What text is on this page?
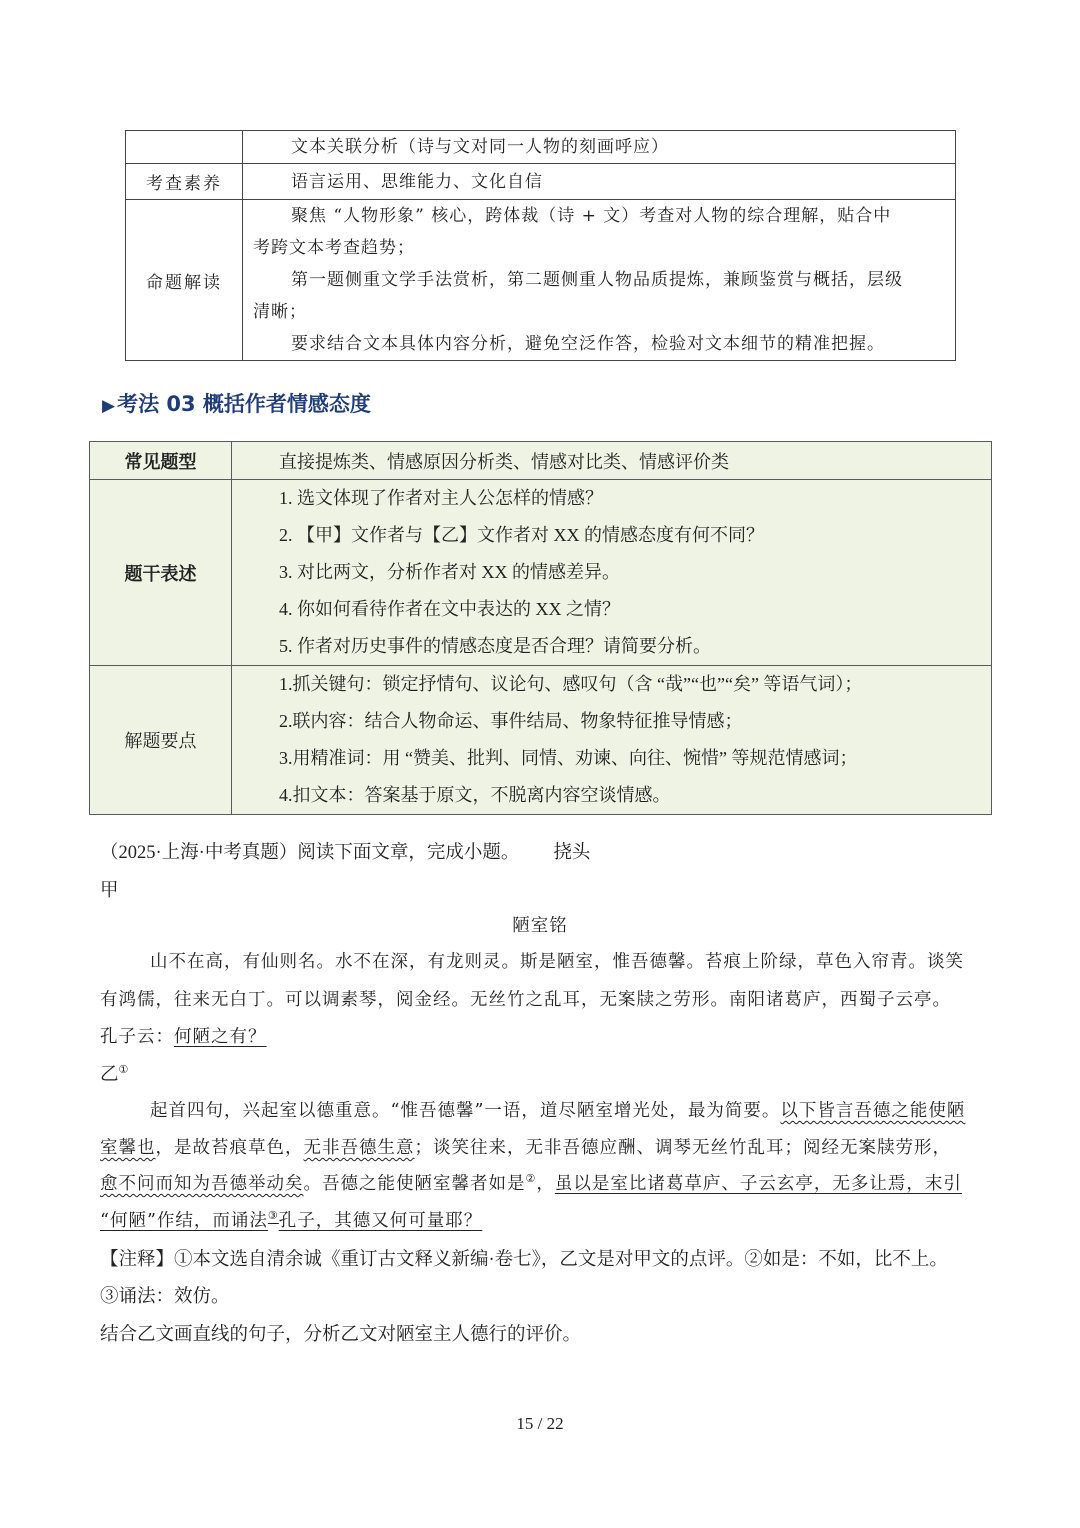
	文本关联分析（诗与文对同一人物的刻画呼应）

考查素养	语言运用、思维能力、文化自信

命题解读	聚焦 “人物形象” 核心，跨体裁（诗 + 文）考查对人物的综合理解，贴合中

考跨文本考查趋势；

第一题侧重文学手法赏析，第二题侧重人物品质提炼，兼顾鉴赏与概括，层级

清晰；

要求结合文本具体内容分析，避免空泛作答，检验对文本细节的精准把握。

▶考法 03 概括作者情感态度
常见题型	直接提炼类、情感原因分析类、情感对比类、情感评价类
题干表述	1. 选文体现了作者对主人公怎样的情感？

2. 【甲】文作者与【乙】文作者对 XX 的情感态度有何不同？

3. 对比两文，分析作者对 XX 的情感差异。

4. 你如何看待作者在文中表达的 XX 之情？

5. 作者对历史事件的情感态度是否合理？请简要分析。

解题要点	1.抓关键句：锁定抒情句、议论句、感叹句（含 “哉”“也”“矣” 等语气词）；

2.联内容：结合人物命运、事件结局、物象特征推导情感；

3.用精准词：用 “赞美、批判、同情、劝谏、向往、惋惜” 等规范情感词；

4.扣文本：答案基于原文，不脱离内容空谈情感。

（2025·上海·中考真题）阅读下面文章，完成小题。 挠头
甲
陋室铭
山不在高，有仙则名。水不在深，有龙则灵。斯是陋室，惟吾德馨。苔痕上阶绿，草色入帘青。谈笑
有鸿儒，往来无白丁。可以调素琴，阅金经。无丝竹之乱耳，无案牍之劳形。南阳诸葛庐，西蜀子云亭。
孔子云：何陋之有？
乙①
起首四句，兴起室以德重意。“惟吾德馨”一语，道尽陋室增光处，最为简要。以下皆言吾德之能使陋
室馨也，是故苔痕草色，无非吾德生意；谈笑往来，无非吾德应酬、调琴无丝竹乱耳；阅经无案牍劳形，
愈不问而知为吾德举动矣。吾德之能使陋室馨者如是②，虽以是室比诸葛草庐、子云玄亭，无多让焉，末引
“何陋”作结，而诵法③孔子，其德又何可量耶？
【注释】①本文选自清余诚《重订古文释义新编·卷七》，乙文是对甲文的点评。②如是：不如，比不上。
③诵法：效仿。
结合乙文画直线的句子，分析乙文对陋室主人德行的评价。
15 / 22
